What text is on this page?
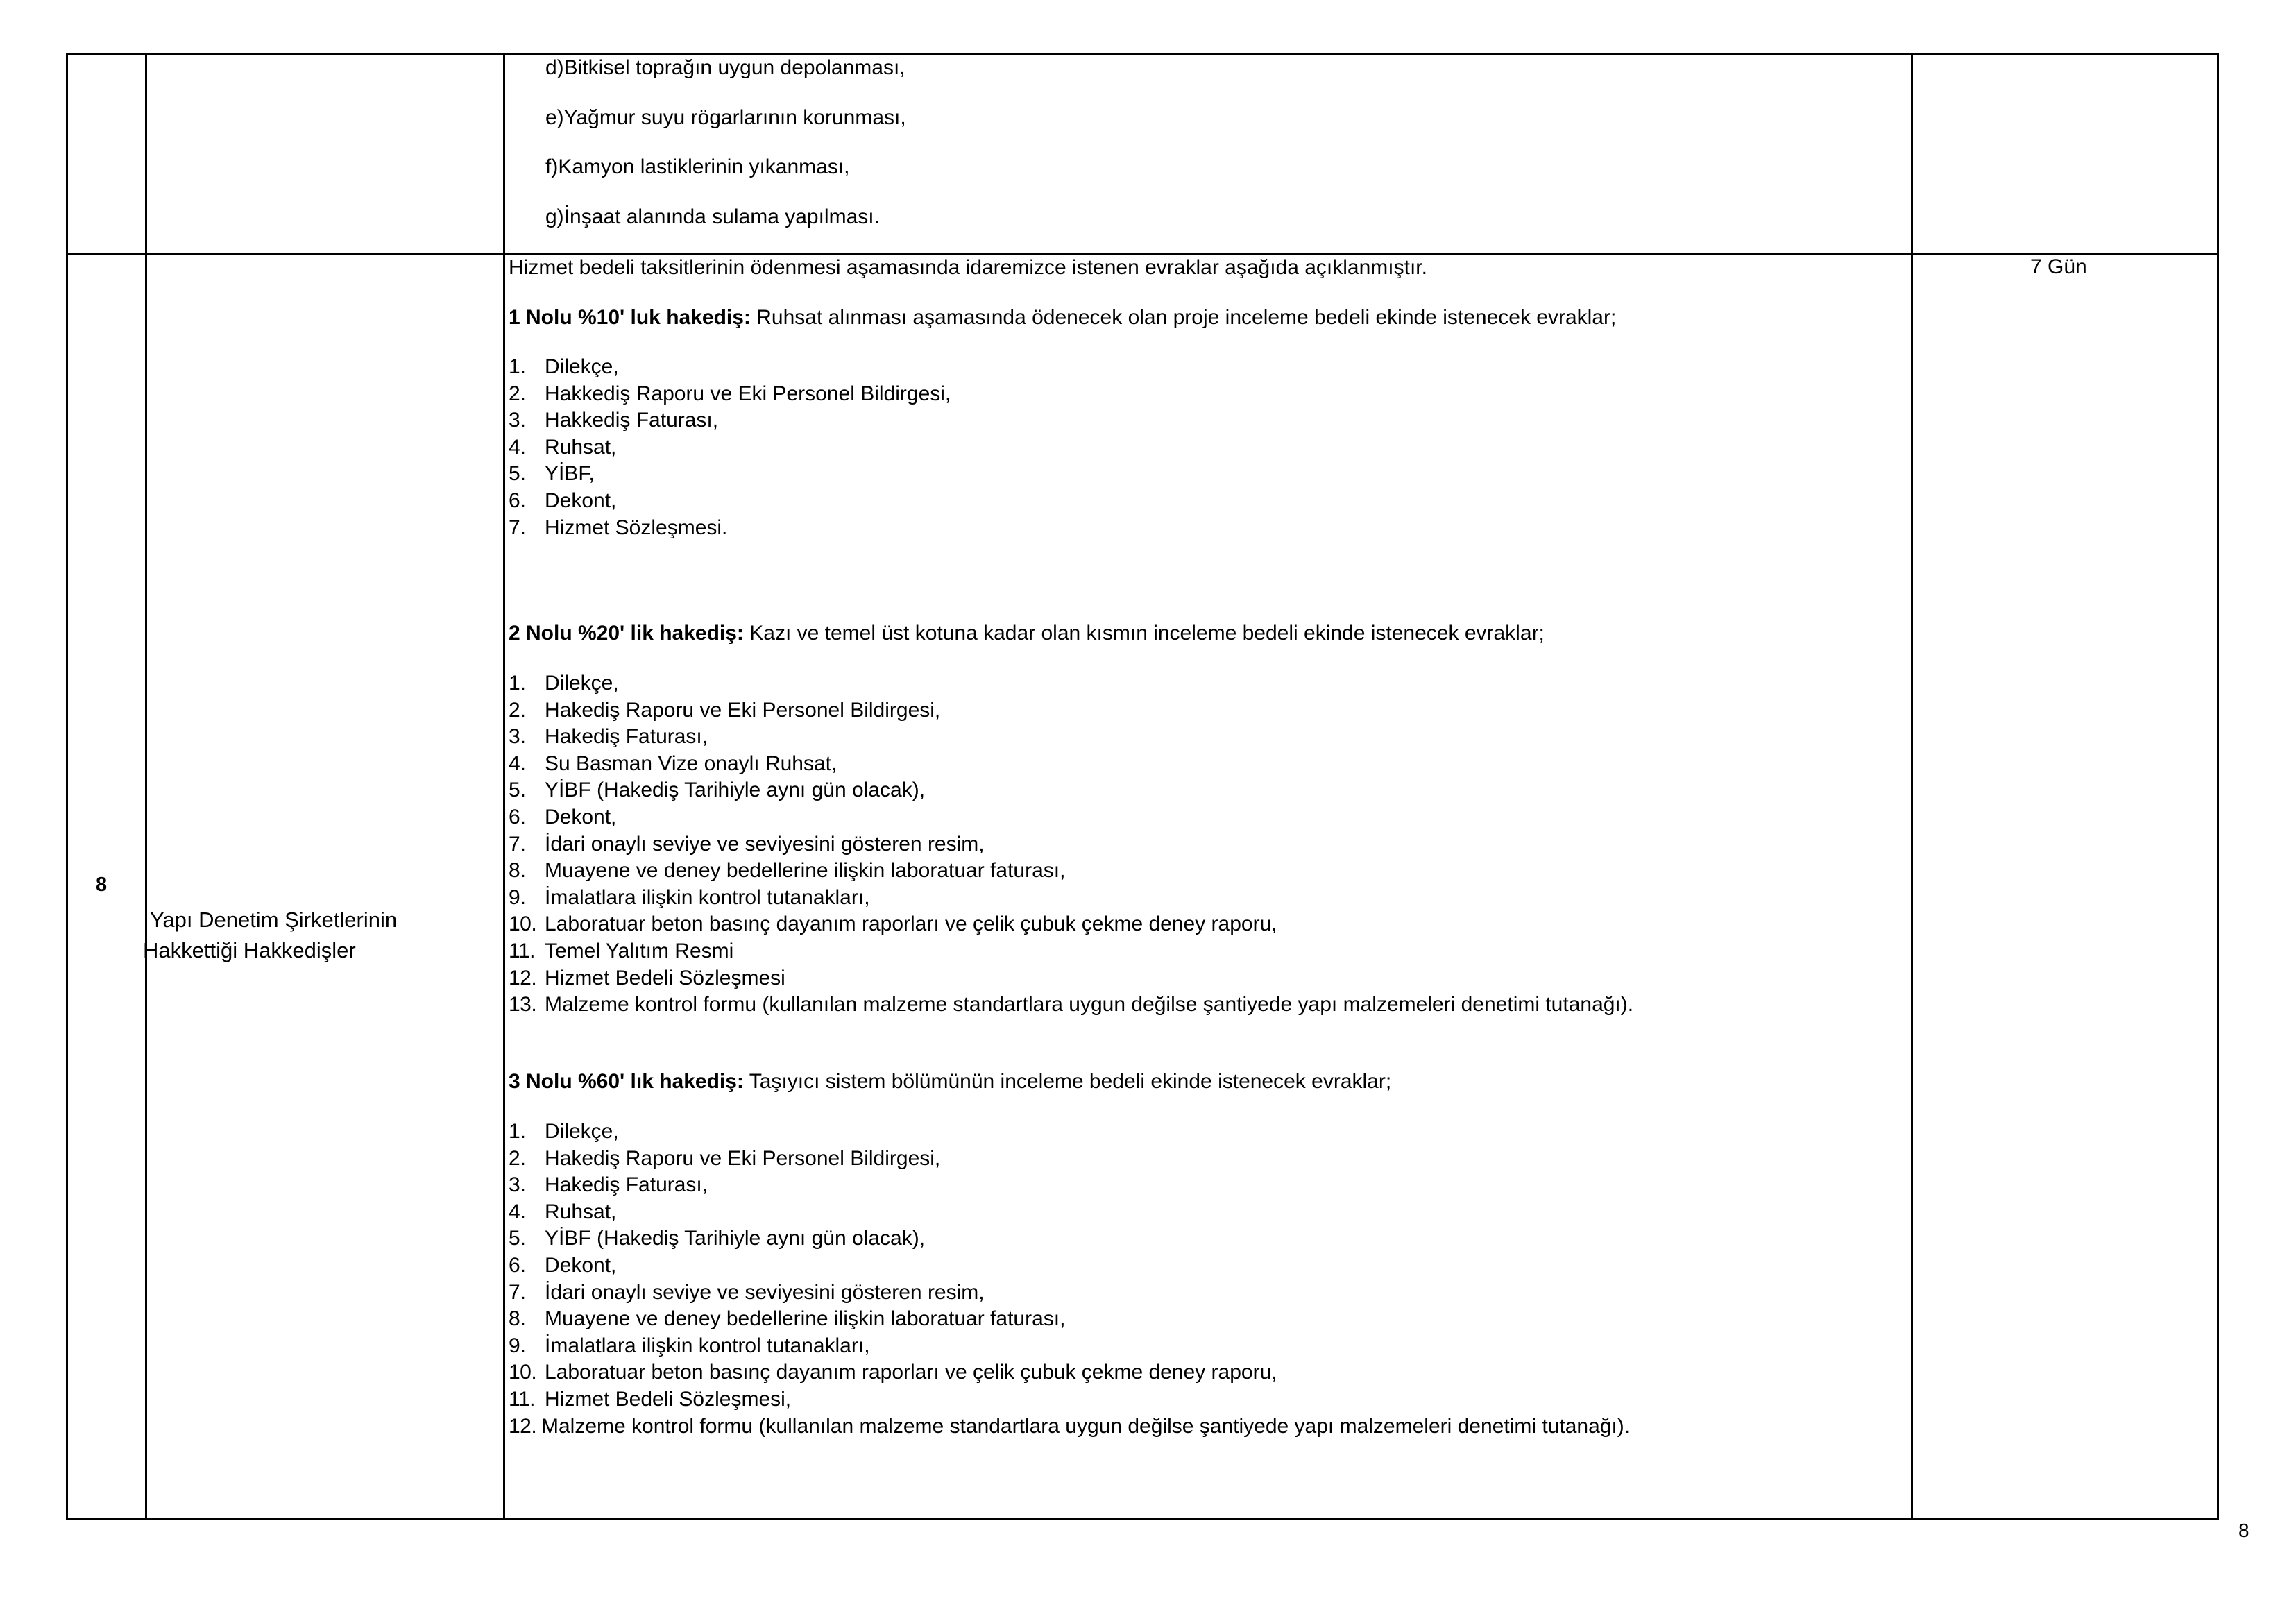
d)Bitkisel toprağın uygun depolanması,
e)Yağmur suyu rögarlarının korunması,
f)Kamyon lastiklerinin yıkanması,
g)İnşaat alanında sulama yapılması.
8
Yapı Denetim Şirketlerinin
Hakkettiği Hakkedişler
7 Gün
Hizmet bedeli taksitlerinin ödenmesi aşamasında idaremizce istenen evraklar aşağıda açıklanmıştır.
1 Nolu %10' luk hakediş: Ruhsat alınması aşamasında ödenecek olan proje inceleme bedeli ekinde istenecek evraklar;
1. Dilekçe,
2. Hakkediş Raporu ve Eki Personel Bildirgesi,
3. Hakkediş Faturası,
4. Ruhsat,
5. YİBF,
6. Dekont,
7. Hizmet Sözleşmesi.
2 Nolu %20' lik hakediş: Kazı ve temel üst kotuna kadar olan kısmın inceleme bedeli ekinde istenecek evraklar;
1. Dilekçe,
2. Hakediş Raporu ve Eki Personel Bildirgesi,
3. Hakediş Faturası,
4. Su Basman Vize onaylı Ruhsat,
5. YİBF (Hakediş Tarihiyle aynı gün olacak),
6. Dekont,
7. İdari onaylı seviye ve seviyesini gösteren resim,
8. Muayene ve deney bedellerine ilişkin laboratuar faturası,
9. İmalatlara ilişkin kontrol tutanakları,
10. Laboratuar beton basınç dayanım raporları ve çelik çubuk çekme deney raporu,
11. Temel Yalıtım Resmi
12. Hizmet Bedeli Sözleşmesi
13. Malzeme kontrol formu (kullanılan malzeme standartlara uygun değilse şantiyede yapı malzemeleri denetimi tutanağı).
3 Nolu %60' lık hakediş: Taşıyıcı sistem bölümünün inceleme bedeli ekinde istenecek evraklar;
1. Dilekçe,
2. Hakediş Raporu ve Eki Personel Bildirgesi,
3. Hakediş Faturası,
4. Ruhsat,
5. YİBF (Hakediş Tarihiyle aynı gün olacak),
6. Dekont,
7. İdari onaylı seviye ve seviyesini gösteren resim,
8. Muayene ve deney bedellerine ilişkin laboratuar faturası,
9. İmalatlara ilişkin kontrol tutanakları,
10. Laboratuar beton basınç dayanım raporları ve çelik çubuk çekme deney raporu,
11. Hizmet Bedeli Sözleşmesi,
12. Malzeme kontrol formu (kullanılan malzeme standartlara uygun değilse şantiyede yapı malzemeleri denetimi tutanağı).
8
